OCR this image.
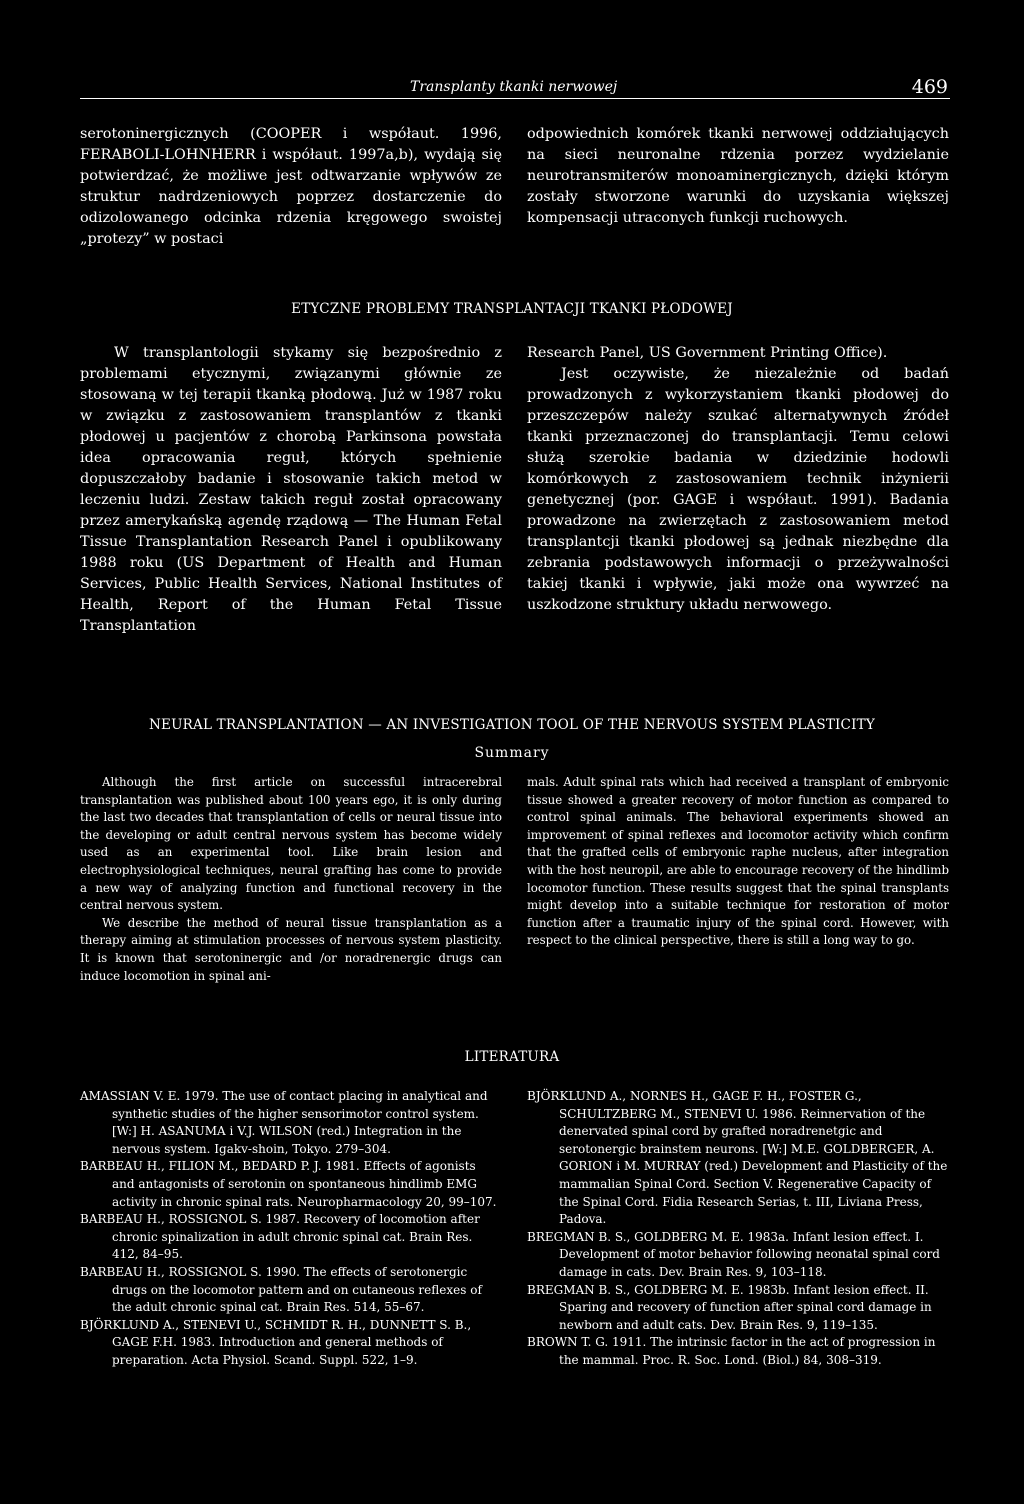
Transplanty tkanki nerwowej	469

serotoninergicznych (COOPER i współaut. 1996, FERABOLI-LOHNHERR i współaut. 1997a,b), wydają się potwierdzać, że możliwe jest odtwarzanie wpływów ze struktur nadrdzeniowych poprzez dostarczenie do odizolowanego odcinka rdzenia kręgowego swoistej „protezy” w postaci

odpowiednich komórek tkanki nerwowej oddziałujących na sieci neuronalne rdzenia porzez wydzielanie neurotransmiterów monoaminergicznych, dzięki którym zostały stworzone warunki do uzyskania większej kompensacji utraconych funkcji ruchowych.

ETYCZNE PROBLEMY TRANSPLANTACJI TKANKI PŁODOWEJ

W transplantologii stykamy się bezpośrednio z problemami etycznymi, związanymi głównie ze stosowaną w tej terapii tkanką płodową. Już w 1987 roku w związku z zastosowaniem transplantów z tkanki płodowej u pacjentów z chorobą Parkinsona powstała idea opracowania reguł, których spełnienie dopuszczałoby badanie i stosowanie takich metod w leczeniu ludzi. Zestaw takich reguł został opracowany przez amerykańską agendę rządową — The Human Fetal Tissue Transplantation Research Panel i opublikowany 1988 roku (US Department of Health and Human Services, Public Health Services, National Institutes of Health, Report of the Human Fetal Tissue Transplantation

Research Panel, US Government Printing Office).

Jest oczywiste, że niezależnie od badań prowadzonych z wykorzystaniem tkanki płodowej do przeszczepów należy szukać alternatywnych źródeł tkanki przeznaczonej do transplantacji. Temu celowi służą szerokie badania w dziedzinie hodowli komórkowych z zastosowaniem technik inżynierii genetycznej (por. GAGE i współaut. 1991). Badania prowadzone na zwierzętach z zastosowaniem metod transplantcji tkanki płodowej są jednak niezbędne dla zebrania podstawowych informacji o przeżywalności takiej tkanki i wpływie, jaki może ona wywrzeć na uszkodzone struktury układu nerwowego.

NEURAL TRANSPLANTATION — AN INVESTIGATION TOOL OF THE NERVOUS SYSTEM PLASTICITY
Summary

Although the first article on successful intracerebral transplantation was published about 100 years ego, it is only during the last two decades that transplantation of cells or neural tissue into the developing or adult central nervous system has become widely used as an experimental tool. Like brain lesion and electrophysiological techniques, neural grafting has come to provide a new way of analyzing function and functional recovery in the central nervous system.

We describe the method of neural tissue transplantation as a therapy aiming at stimulation processes of nervous system plasticity. It is known that serotoninergic and /or noradrenergic drugs can induce locomotion in spinal ani-

mals. Adult spinal rats which had received a transplant of embryonic tissue showed a greater recovery of motor function as compared to control spinal animals. The behavioral experiments showed an improvement of spinal reflexes and locomotor activity which confirm that the grafted cells of embryonic raphe nucleus, after integration with the host neuropil, are able to encourage recovery of the hindlimb locomotor function. These results suggest that the spinal transplants might develop into a suitable technique for restoration of motor function after a traumatic injury of the spinal cord. However, with respect to the clinical perspective, there is still a long way to go.

LITERATURA

AMASSIAN V. E. 1979. The use of contact placing in analytical and synthetic studies of the higher sensorimotor control system. [W:] H. ASANUMA i V.J. WILSON (red.) Integration in the nervous system. Igakv-shoin, Tokyo. 279–304.

BARBEAU H., FILION M., BEDARD P. J. 1981. Effects of agonists and antagonists of serotonin on spontaneous hindlimb EMG activity in chronic spinal rats. Neuropharmacology 20, 99–107.

BARBEAU H., ROSSIGNOL S. 1987. Recovery of locomotion after chronic spinalization in adult chronic spinal cat. Brain Res. 412, 84–95.

BARBEAU H., ROSSIGNOL S. 1990. The effects of serotonergic drugs on the locomotor pattern and on cutaneous reflexes of the adult chronic spinal cat. Brain Res. 514, 55–67.

BJÖRKLUND A., STENEVI U., SCHMIDT R. H., DUNNETT S. B., GAGE F.H. 1983. Introduction and general methods of preparation. Acta Physiol. Scand. Suppl. 522, 1–9.

BJÖRKLUND A., NORNES H., GAGE F. H., FOSTER G., SCHULTZBERG M., STENEVI U. 1986. Reinnervation of the denervated spinal cord by grafted noradrenetgic and serotonergic brainstem neurons. [W:] M.E. GOLDBERGER, A. GORION i M. MURRAY (red.) Development and Plasticity of the mammalian Spinal Cord. Section V. Regenerative Capacity of the Spinal Cord. Fidia Research Serias, t. III, Liviana Press, Padova.

BREGMAN B. S., GOLDBERG M. E. 1983a. Infant lesion effect. I. Development of motor behavior following neonatal spinal cord damage in cats. Dev. Brain Res. 9, 103–118.

BREGMAN B. S., GOLDBERG M. E. 1983b. Infant lesion effect. II. Sparing and recovery of function after spinal cord damage in newborn and adult cats. Dev. Brain Res. 9, 119–135.

BROWN T. G. 1911. The intrinsic factor in the act of progression in the mammal. Proc. R. Soc. Lond. (Biol.) 84, 308–319.
